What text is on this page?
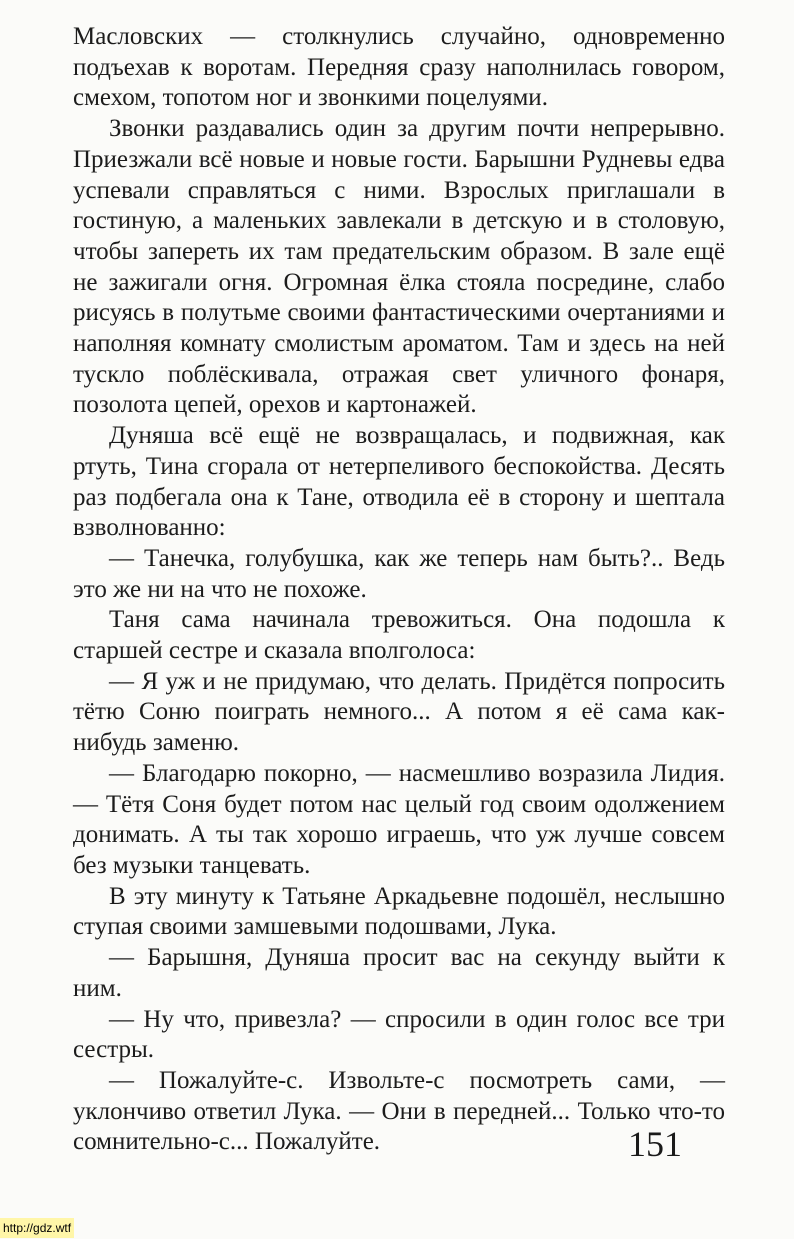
Масловских — столкнулись случайно, одновременно подъехав к воротам. Передняя сразу наполнилась говором, смехом, топотом ног и звонкими поцелуями.

Звонки раздавались один за другим почти непрерывно. Приезжали всё новые и новые гости. Барышни Рудневы едва успевали справляться с ними. Взрослых приглашали в гостиную, а маленьких завлекали в детскую и в столовую, чтобы запереть их там предательским образом. В зале ещё не зажигали огня. Огромная ёлка стояла посредине, слабо рисуясь в полутьме своими фантастическими очертаниями и наполняя комнату смолистым ароматом. Там и здесь на ней тускло поблёскивала, отражая свет уличного фонаря, позолота цепей, орехов и картонажей.

Дуняша всё ещё не возвращалась, и подвижная, как ртуть, Тина сгорала от нетерпеливого беспокойства. Десять раз подбегала она к Тане, отводила её в сторону и шептала взволнованно:

— Танечка, голубушка, как же теперь нам быть?.. Ведь это же ни на что не похоже.

Таня сама начинала тревожиться. Она подошла к старшей сестре и сказала вполголоса:

— Я уж и не придумаю, что делать. Придётся попросить тётю Соню поиграть немного... А потом я её сама как-нибудь заменю.

— Благодарю покорно, — насмешливо возразила Лидия. — Тётя Соня будет потом нас целый год своим одолжением донимать. А ты так хорошо играешь, что уж лучше совсем без музыки танцевать.

В эту минуту к Татьяне Аркадьевне подошёл, неслышно ступая своими замшевыми подошвами, Лука.

— Барышня, Дуняша просит вас на секунду выйти к ним.

— Ну что, привезла? — спросили в один голос все три сестры.

— Пожалуйте-с. Извольте-с посмотреть сами, — уклончиво ответил Лука. — Они в передней... Только что-то сомнительно-с... Пожалуйте.	151
http://gdz.wtf
